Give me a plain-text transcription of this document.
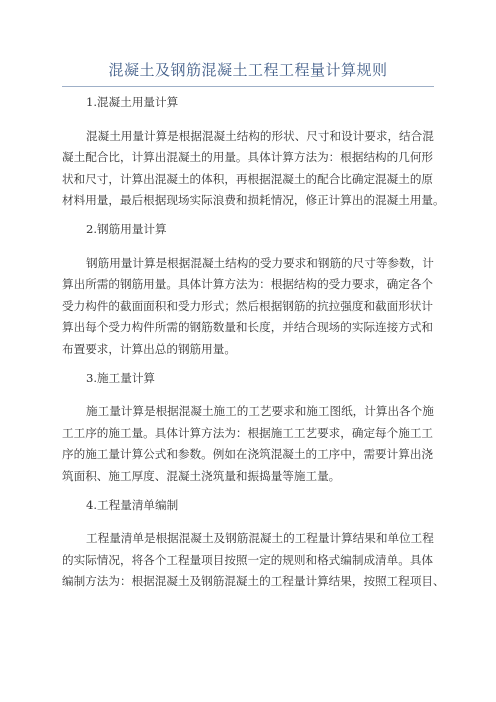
混凝土及钢筋混凝土工程工程量计算规则

1.混凝土用量计算

混凝土用量计算是根据混凝土结构的形状、尺寸和设计要求，结合混
凝土配合比，计算出混凝土的用量。具体计算方法为：根据结构的几何形
状和尺寸，计算出混凝土的体积，再根据混凝土的配合比确定混凝土的原
材料用量，最后根据现场实际浪费和损耗情况，修正计算出的混凝土用量。

2.钢筋用量计算

钢筋用量计算是根据混凝土结构的受力要求和钢筋的尺寸等参数，计
算出所需的钢筋用量。具体计算方法为：根据结构的受力要求，确定各个
受力构件的截面面积和受力形式；然后根据钢筋的抗拉强度和截面形状计
算出每个受力构件所需的钢筋数量和长度，并结合现场的实际连接方式和
布置要求，计算出总的钢筋用量。

3.施工量计算

施工量计算是根据混凝土施工的工艺要求和施工图纸，计算出各个施
工工序的施工量。具体计算方法为：根据施工工艺要求，确定每个施工工
序的施工量计算公式和参数。例如在浇筑混凝土的工序中，需要计算出浇
筑面积、施工厚度、混凝土浇筑量和振捣量等施工量。

4.工程量清单编制

工程量清单是根据混凝土及钢筋混凝土的工程量计算结果和单位工程
的实际情况，将各个工程量项目按照一定的规则和格式编制成清单。具体
编制方法为：根据混凝土及钢筋混凝土的工程量计算结果，按照工程项目、
